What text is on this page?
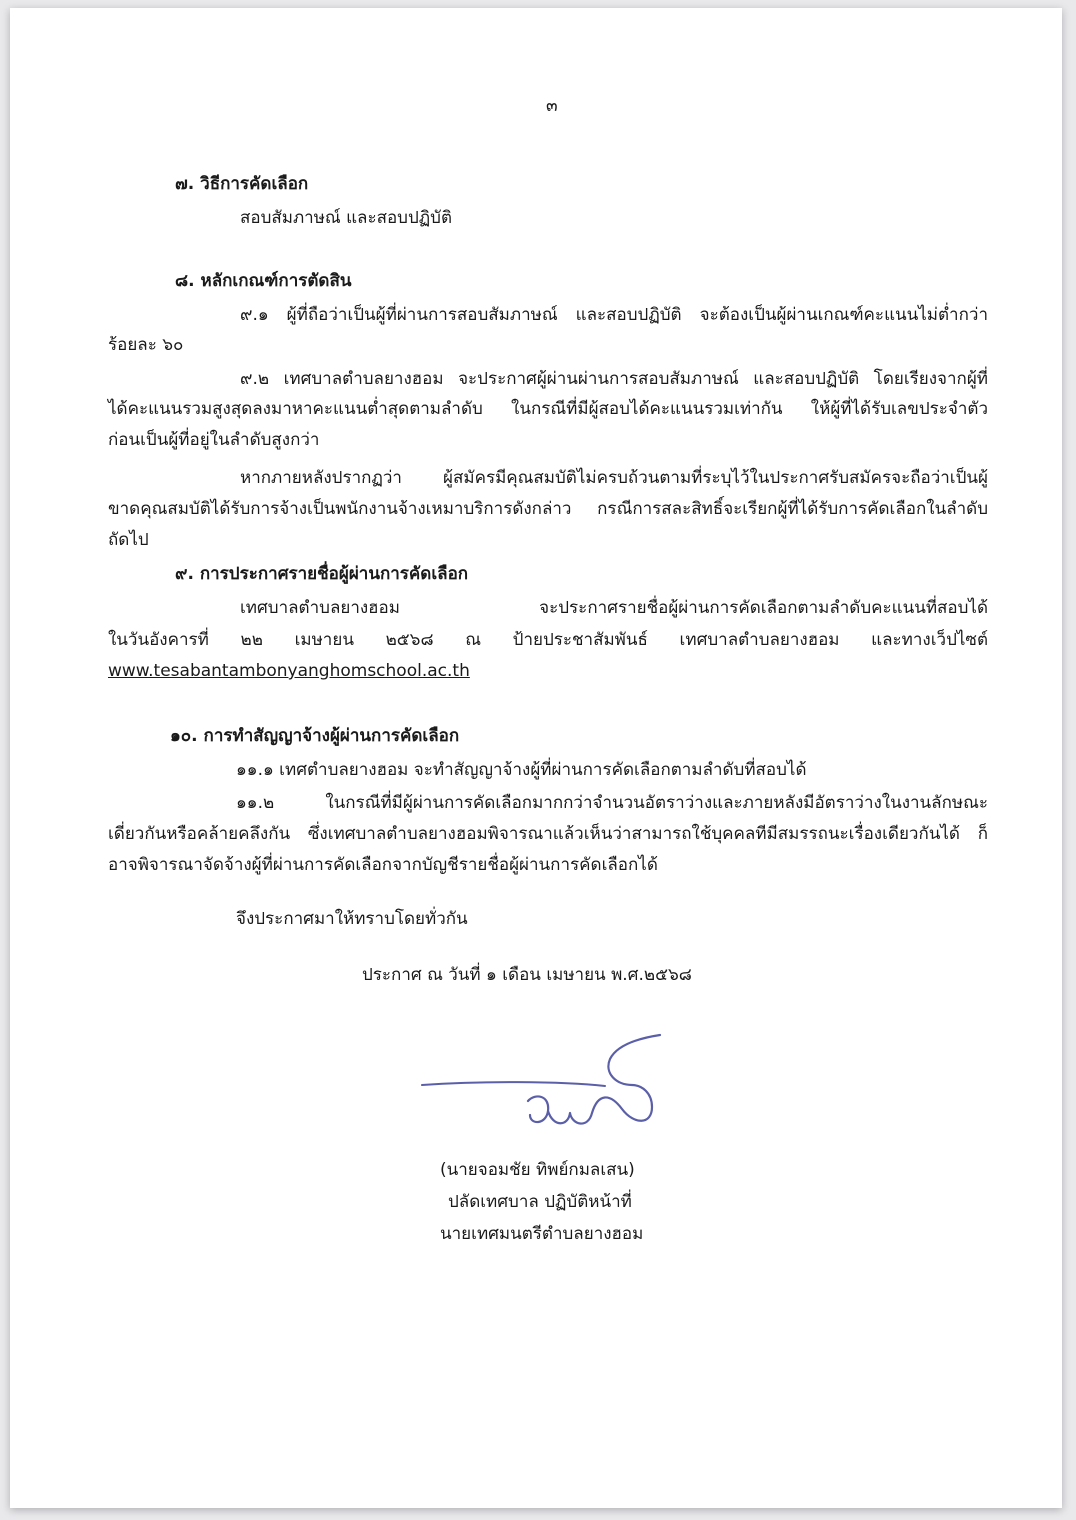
๓
๗. วิธีการคัดเลือก
สอบสัมภาษณ์ และสอบปฏิบัติ
๘. หลักเกณฑ์การตัดสิน
๙.๑ ผู้ที่ถือว่าเป็นผู้ที่ผ่านการสอบสัมภาษณ์ และสอบปฏิบัติ จะต้องเป็นผู้ผ่านเกณฑ์คะแนนไม่ต่ำกว่า
ร้อยละ ๖๐
๙.๒ เทศบาลตำบลยางฮอม จะประกาศผู้ผ่านผ่านการสอบสัมภาษณ์ และสอบปฏิบัติ โดยเรียงจากผู้ที่
ได้คะแนนรวมสูงสุดลงมาหาคะแนนต่ำสุดตามลำดับ ในกรณีที่มีผู้สอบได้คะแนนรวมเท่ากัน ให้ผู้ที่ได้รับเลขประจำตัว
ก่อนเป็นผู้ที่อยู่ในลำดับสูงกว่า
หากภายหลังปรากฏว่า ผู้สมัครมีคุณสมบัติไม่ครบถ้วนตามที่ระบุไว้ในประกาศรับสมัครจะถือว่าเป็นผู้
ขาดคุณสมบัติได้รับการจ้างเป็นพนักงานจ้างเหมาบริการดังกล่าว กรณีการสละสิทธิ์จะเรียกผู้ที่ได้รับการคัดเลือกในลำดับ
ถัดไป
๙. การประกาศรายชื่อผู้ผ่านการคัดเลือก
เทศบาลตำบลยางฮอม จะประกาศรายชื่อผู้ผ่านการคัดเลือกตามลำดับคะแนนที่สอบได้
ในวันอังคารที่ ๒๒ เมษายน ๒๕๖๘ ณ ป้ายประชาสัมพันธ์ เทศบาลตำบลยางฮอม และทางเว็ปไซต์
www.tesabantambonyanghomschool.ac.th
๑๐. การทำสัญญาจ้างผู้ผ่านการคัดเลือก
๑๑.๑ เทศตำบลยางฮอม จะทำสัญญาจ้างผู้ที่ผ่านการคัดเลือกตามลำดับที่สอบได้
๑๑.๒ ในกรณีที่มีผู้ผ่านการคัดเลือกมากกว่าจำนวนอัตราว่างและภายหลังมีอัตราว่างในงานลักษณะ
เดี่ยวกันหรือคล้ายคลึงกัน ซึ่งเทศบาลตำบลยางฮอมพิจารณาแล้วเห็นว่าสามารถใช้บุคคลทีมีสมรรถนะเรื่องเดียวกันได้ ก็
อาจพิจารณาจัดจ้างผู้ที่ผ่านการคัดเลือกจากบัญชีรายชื่อผู้ผ่านการคัดเลือกได้
จึงประกาศมาให้ทราบโดยทั่วกัน
ประกาศ ณ วันที่ ๑ เดือน เมษายน พ.ศ.๒๕๖๘
(นายจอมชัย ทิพย์กมลเสน)
ปลัดเทศบาล ปฏิบัติหน้าที่
นายเทศมนตรีตำบลยางฮอม
